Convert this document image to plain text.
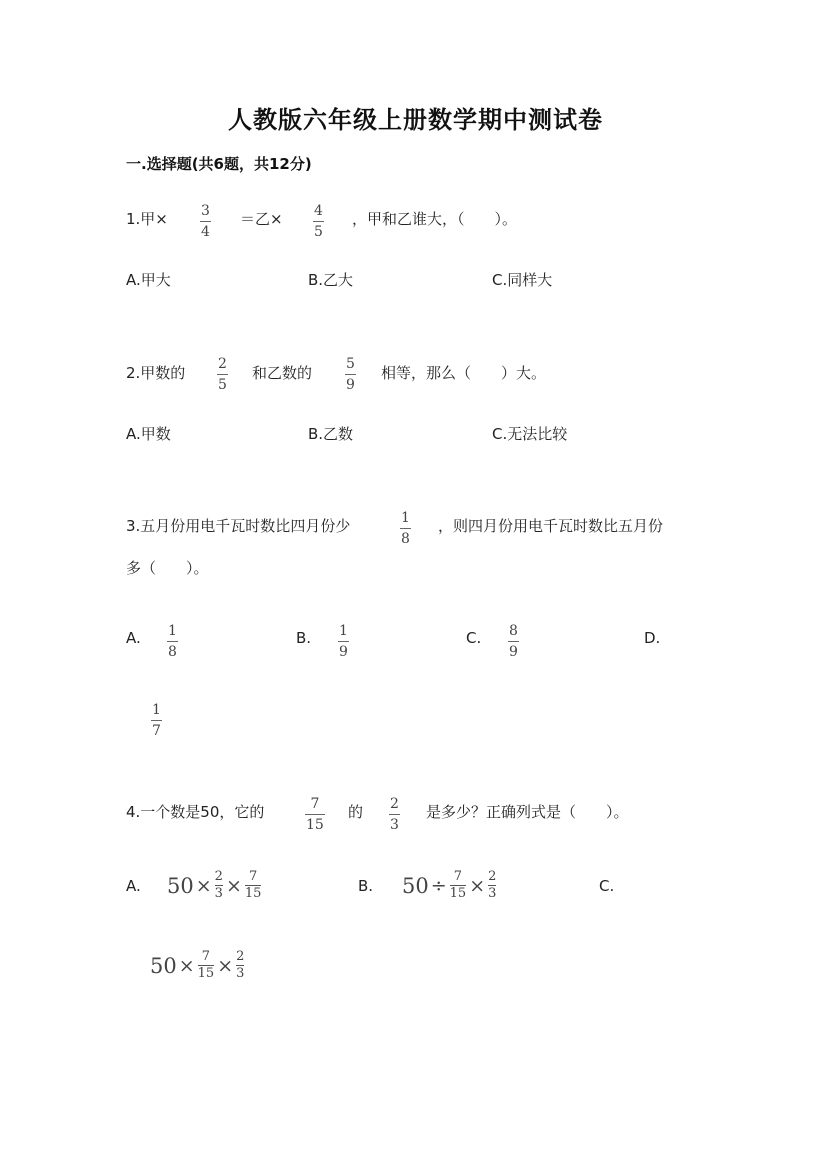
人教版六年级上册数学期中测试卷
一.选择题(共6题，共12分)
1.甲× 3
4
＝乙× 4
5
，甲和乙谁大，（　　）。
A.甲大	B.乙大	C.同样大
2.甲数的 2
5
和乙数的 5
9
相等，那么（　　）大。
A.甲数	B.乙数	C.无法比较
3.五月份用电千瓦时数比四月份少	1
8
，则四月份用电千瓦时数比五月份
多（　　）。
A. 1
8
B. 1
9
C. 8
9
D.
1
7
4.一个数是50，它的	7
15
的 2
3
是多少？正确列式是（　　）。
A. 50 × 2
3 × 7
15	B. 50 ÷ 7
15 × 2
3	C.
50 × 7
15 × 2
3
